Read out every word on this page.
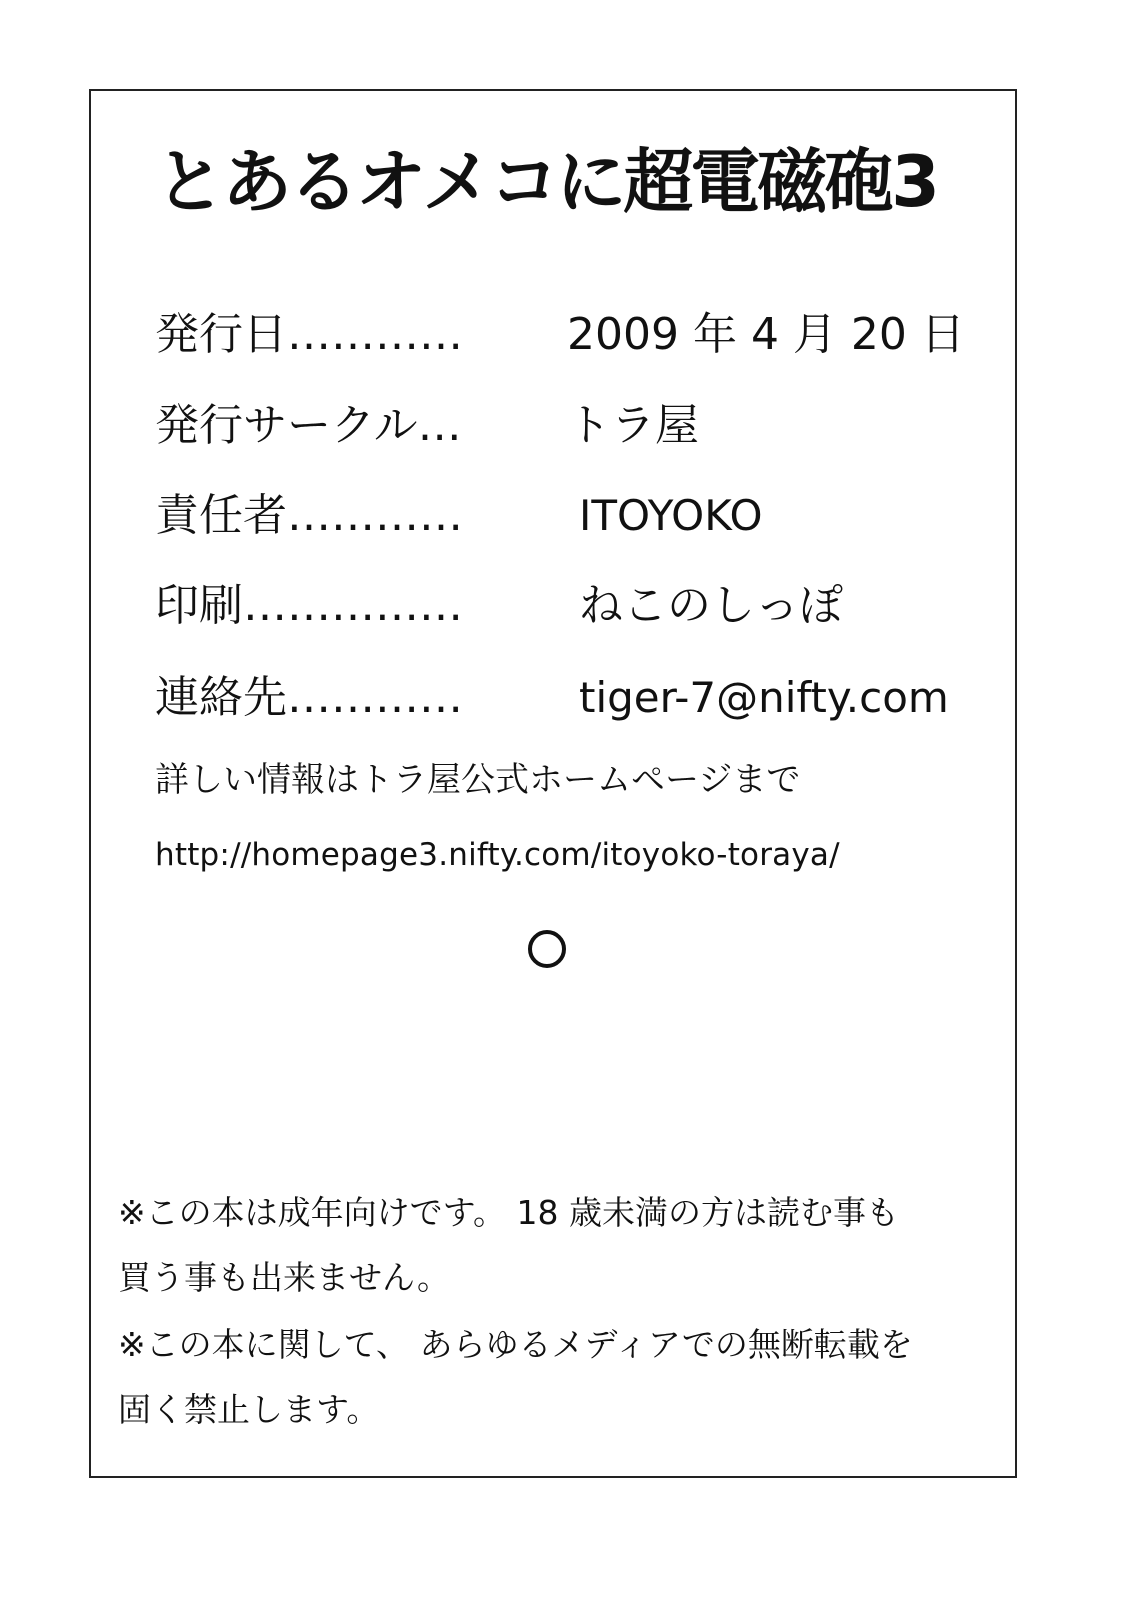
とあるオメコに超電磁砲3
発行日………… 2009 年 4 月 20 日
発行サークル… トラ屋
責任者…………	ITOYOKO
印刷……………	ねこのしっぽ
連絡先…………	tiger-7@nifty.com
詳しい情報はトラ屋公式ホームページまで
http://homepage3.nifty.com/itoyoko-toraya/
※この本は成年向けです。 18 歳未満の方は読む事も
買う事も出来ません。
※この本に関して、 あらゆるメディアでの無断転載を
固く禁止します。
